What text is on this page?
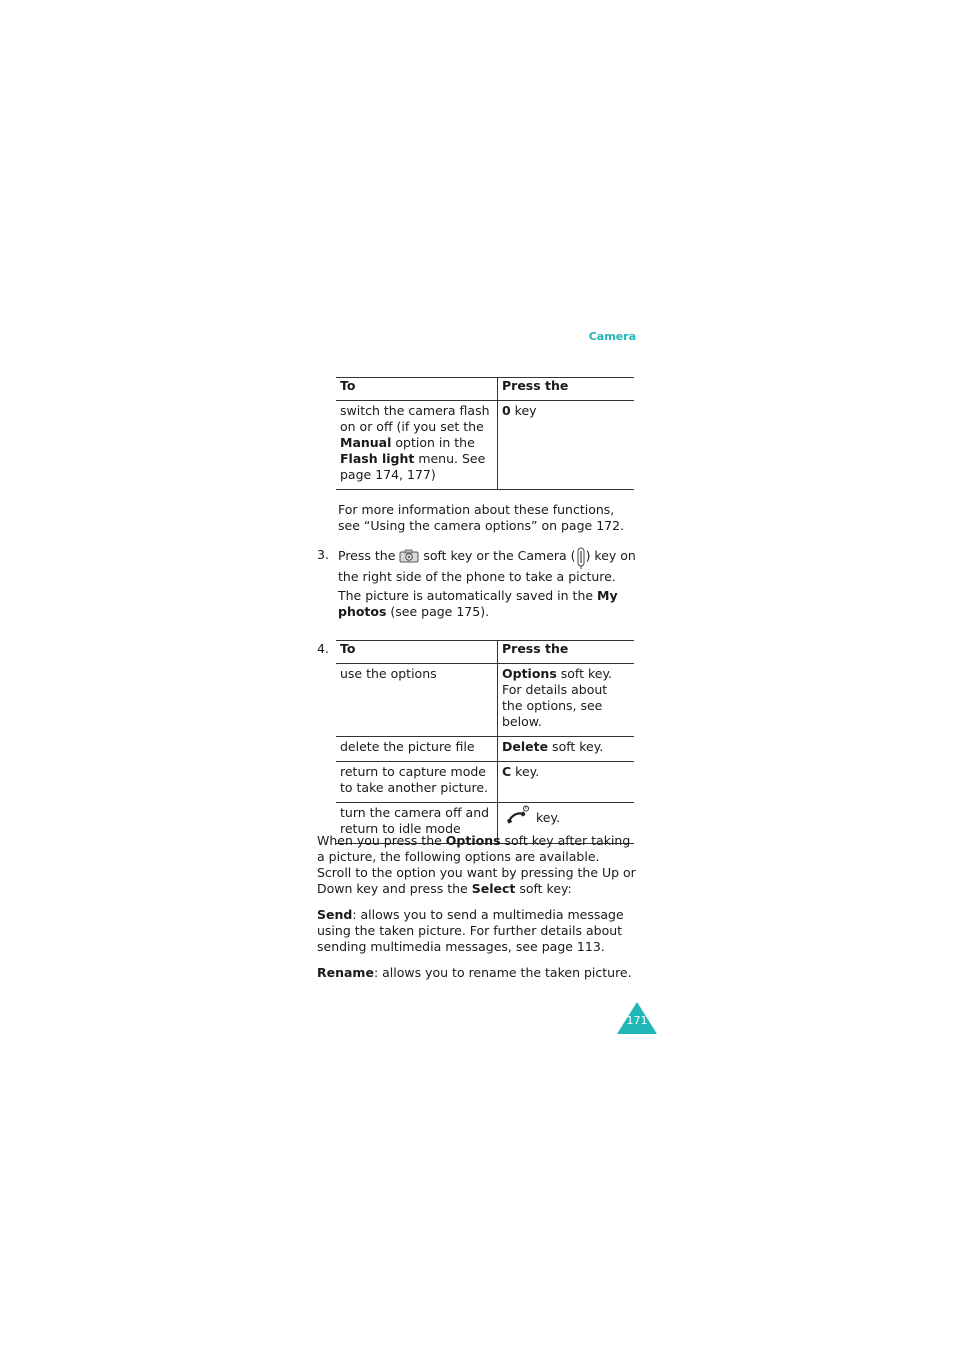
Camera
To	Press the
switch the camera flash on or off (if you set the Manual option in the Flash light menu. See page 174, 177)	0 key
For more information about these functions, see “Using the camera options” on page 172.
3. Press the  soft key or the Camera ( ) key on the right side of the phone to take a picture.
The picture is automatically saved in the My photos (see page 175).
4. To	Press the
use the options	Options soft key. For details about the options, see below.
delete the picture file	Delete soft key.
return to capture mode to take another picture.	C key.
turn the camera off and return to idle mode	key.
When you press the Options soft key after taking a picture, the following options are available. Scroll to the option you want by pressing the Up or Down key and press the Select soft key:
Send: allows you to send a multimedia message using the taken picture. For further details about sending multimedia messages, see page 113.
Rename: allows you to rename the taken picture.
171
